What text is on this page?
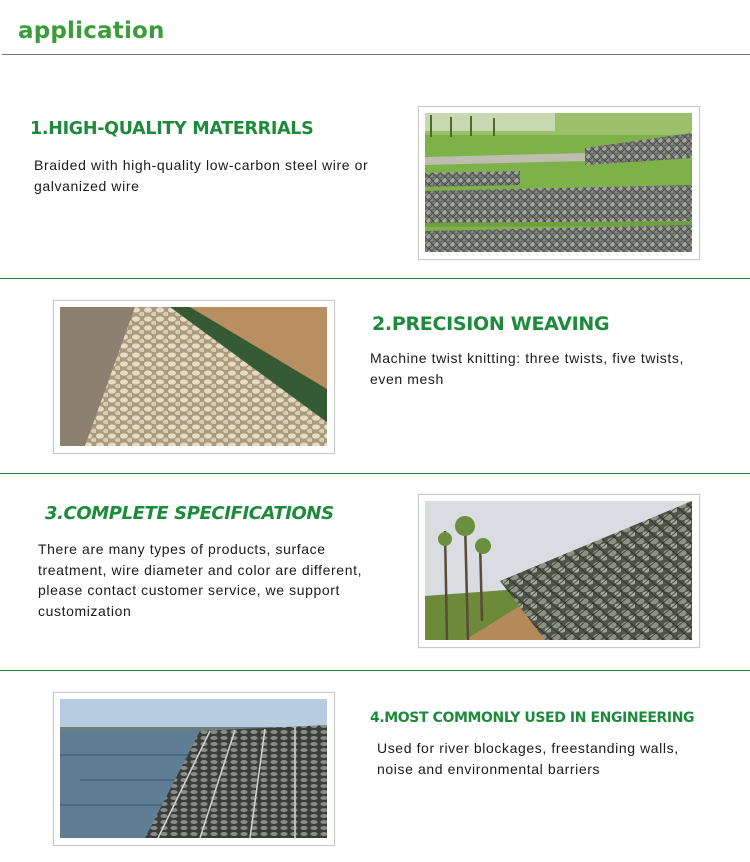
application
1.HIGH-QUALITY MATERRIALS
Braided with high-quality low-carbon steel wire or
galvanized wire
2.PRECISION WEAVING
Machine twist knitting: three twists, five twists,
even mesh
3.COMPLETE SPECIFICATIONS
There are many types of products, surface
treatment, wire diameter and color are different,
please contact customer service, we support
customization
4.MOST COMMONLY USED IN ENGINEERING
Used for river blockages, freestanding walls,
noise and environmental barriers
